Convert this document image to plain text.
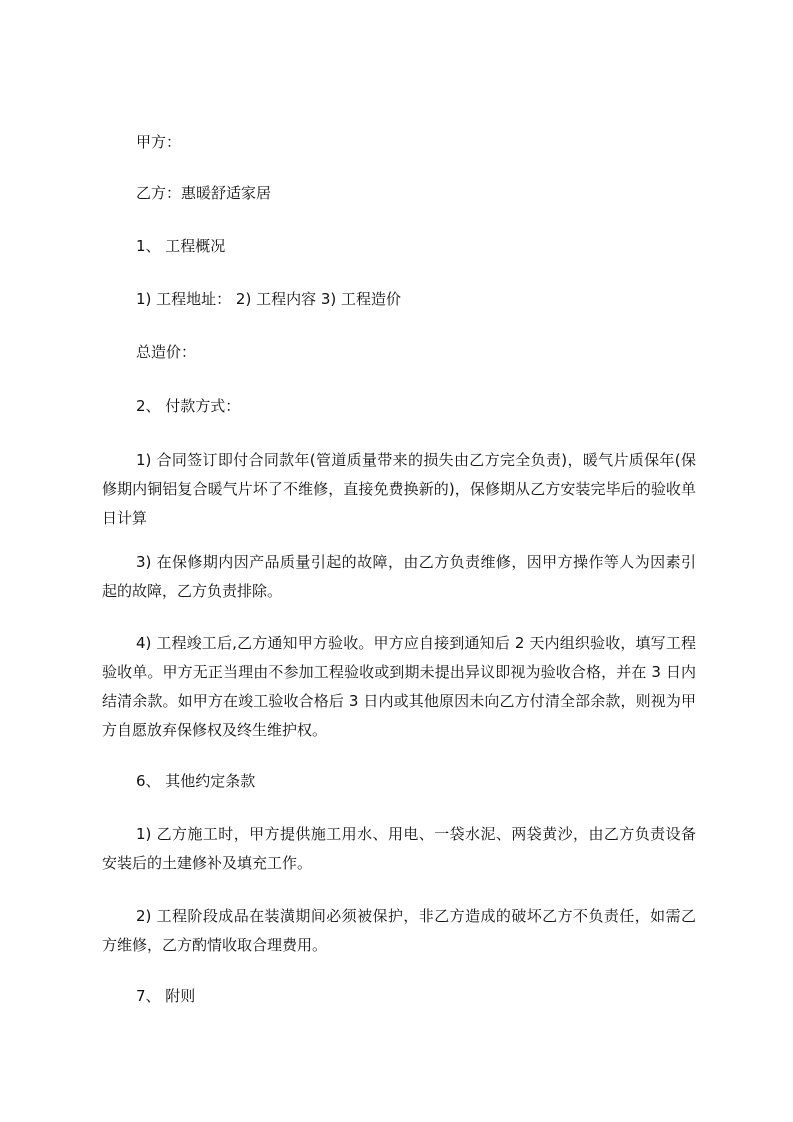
甲方：

乙方：惠暖舒适家居

1、 工程概况

1) 工程地址： 2) 工程内容 3) 工程造价

总造价：

2、 付款方式：

1) 合同签订即付合同款年(管道质量带来的损失由乙方完全负责)，暖气片质保年(保修期内铜铝复合暖气片坏了不维修，直接免费换新的)，保修期从乙方安装完毕后的验收单日计算

3) 在保修期内因产品质量引起的故障，由乙方负责维修，因甲方操作等人为因素引起的故障，乙方负责排除。

4) 工程竣工后,乙方通知甲方验收。甲方应自接到通知后 2 天内组织验收，填写工程验收单。甲方无正当理由不参加工程验收或到期未提出异议即视为验收合格，并在 3 日内结清余款。如甲方在竣工验收合格后 3 日内或其他原因未向乙方付清全部余款，则视为甲方自愿放弃保修权及终生维护权。

6、 其他约定条款

1) 乙方施工时，甲方提供施工用水、用电、一袋水泥、两袋黄沙，由乙方负责设备安装后的土建修补及填充工作。

2) 工程阶段成品在装潢期间必须被保护，非乙方造成的破坏乙方不负责任，如需乙方维修，乙方酌情收取合理费用。

7、 附则
